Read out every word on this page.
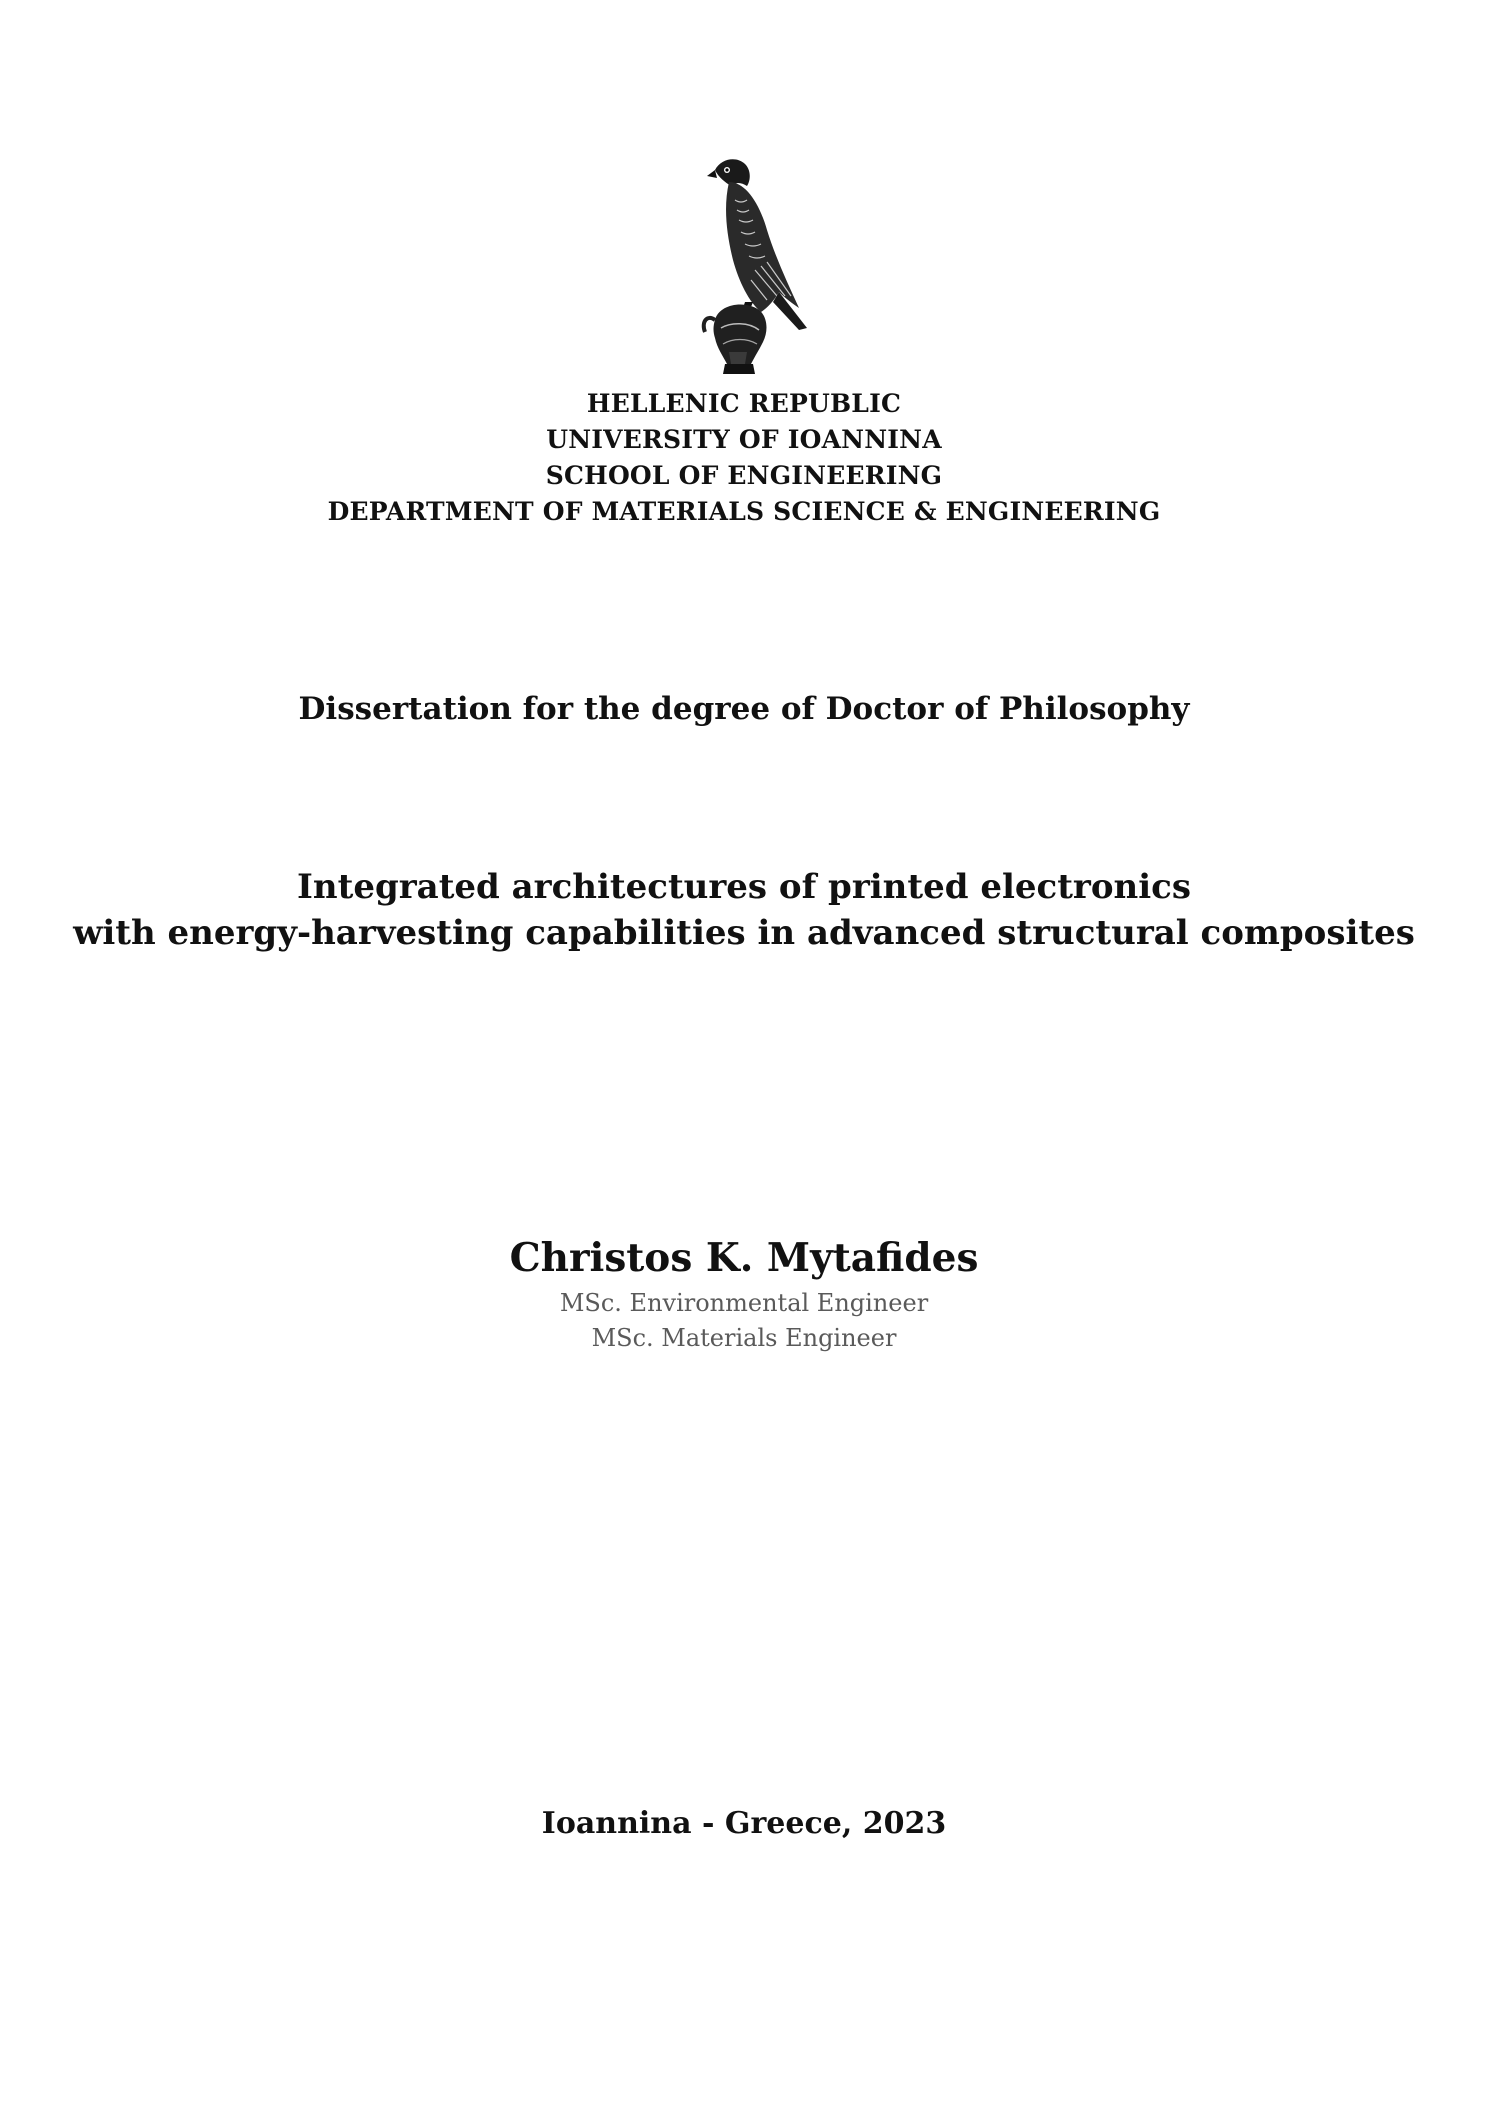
HELLENIC REPUBLIC
UNIVERSITY OF IOANNINA
SCHOOL OF ENGINEERING
DEPARTMENT OF MATERIALS SCIENCE & ENGINEERING
Dissertation for the degree of Doctor of Philosophy
Integrated architectures of printed electronics
with energy-harvesting capabilities in advanced structural composites
Christos K. Mytafides
MSc. Environmental Engineer
MSc. Materials Engineer
Ioannina - Greece, 2023
